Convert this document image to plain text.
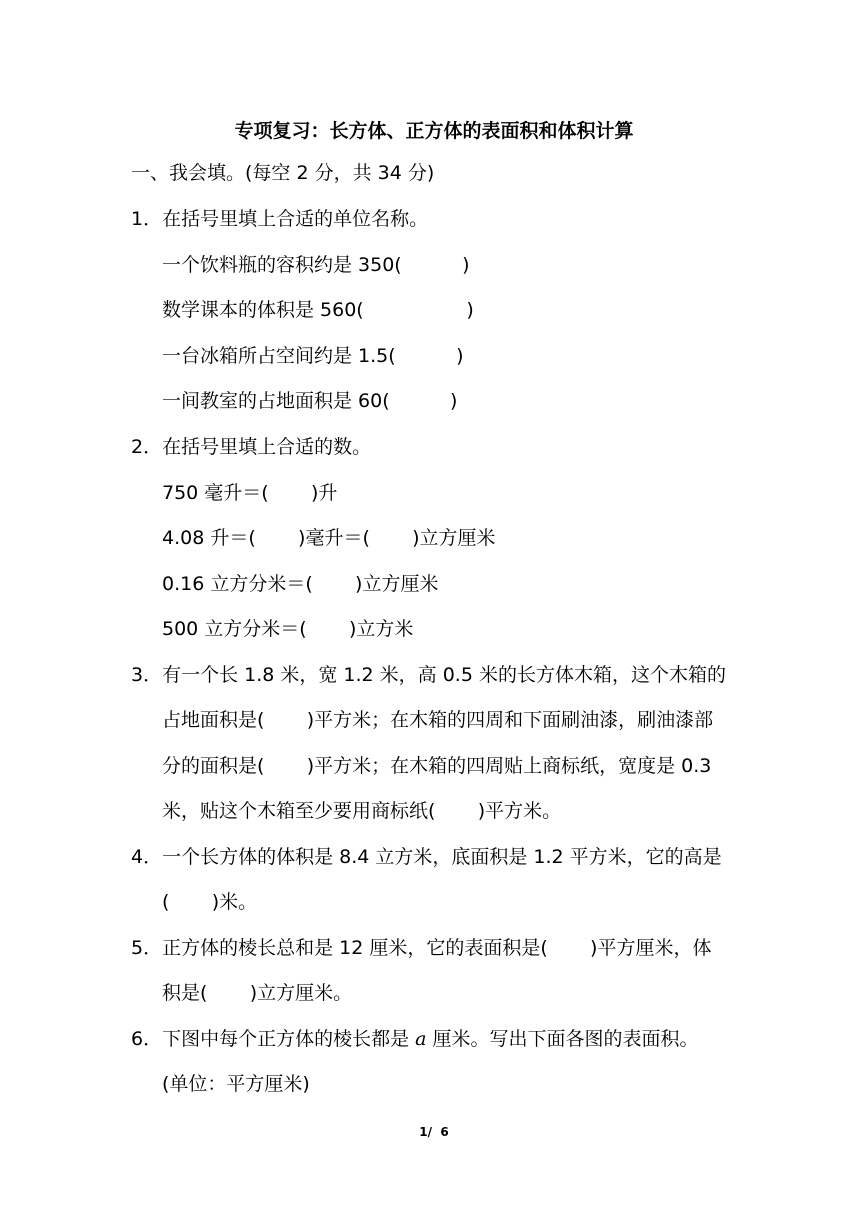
专项复习：长方体、正方体的表面积和体积计算
一、我会填。(每空 2 分，共 34 分)
1．在括号里填上合适的单位名称。
一个饮料瓶的容积约是 350(          )
数学课本的体积是 560(                 )
一台冰箱所占空间约是 1.5(          )
一间教室的占地面积是 60(          )
2．在括号里填上合适的数。
750 毫升＝(       )升
4.08 升＝(       )毫升＝(       )立方厘米
0.16 立方分米＝(       )立方厘米
500 立方分米＝(       )立方米
3．有一个长 1.8 米，宽 1.2 米，高 0.5 米的长方体木箱，这个木箱的
占地面积是(       )平方米；在木箱的四周和下面刷油漆，刷油漆部
分的面积是(       )平方米；在木箱的四周贴上商标纸，宽度是 0.3
米，贴这个木箱至少要用商标纸(       )平方米。
4．一个长方体的体积是 8.4 立方米，底面积是 1.2 平方米，它的高是
(       )米。
5．正方体的棱长总和是 12 厘米，它的表面积是(       )平方厘米，体
积是(       )立方厘米。
6．下图中每个正方体的棱长都是 a 厘米。写出下面各图的表面积。
(单位：平方厘米)
1/  6
